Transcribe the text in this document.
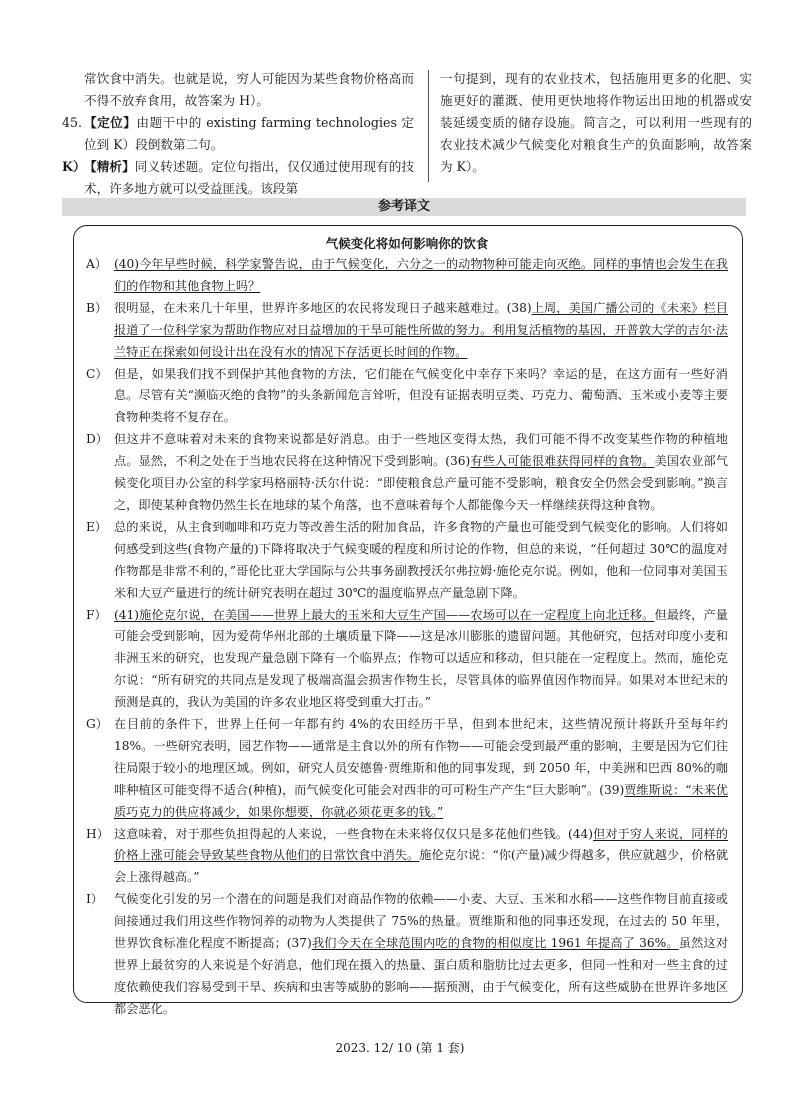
常饮食中消失。也就是说，穷人可能因为某些食物价格高而不得不放弃食用，故答案为 H）。

45. 【定位】由题干中的 existing farming technologies 定位到 K）段倒数第二句。

K）

【精析】同义转述题。定位句指出，仅仅通过使用现有的技术，许多地方就可以受益匪浅。该段第

一句提到，现有的农业技术，包括施用更多的化肥、实施更好的灌溉、使用更快地将作物运出田地的机器或安装延缓变质的储存设施。简言之，可以利用一些现有的农业技术减少气候变化对粮食生产的负面影响，故答案为 K）。

参考译文
气候变化将如何影响你的饮食
A） (40)今年早些时候，科学家警告说，由于气候变化，六分之一的动物物种可能走向灭绝。同样的事情也会发生在我们的作物和其他食物上吗？
B） 很明显，在未来几十年里，世界许多地区的农民将发现日子越来越难过。(38)上周，美国广播公司的《未来》栏目报道了一位科学家为帮助作物应对日益增加的干旱可能性所做的努力。利用复活植物的基因，开普敦大学的吉尔·法兰特正在探索如何设计出在没有水的情况下存活更长时间的作物。
C） 但是，如果我们找不到保护其他食物的方法，它们能在气候变化中幸存下来吗？幸运的是，在这方面有一些好消息。尽管有关“濒临灭绝的食物”的头条新闻危言耸听，但没有证据表明豆类、巧克力、葡萄酒、玉米或小麦等主要食物种类将不复存在。
D） 但这并不意味着对未来的食物来说都是好消息。由于一些地区变得太热，我们可能不得不改变某些作物的种植地点。显然，不利之处在于当地农民将在这种情况下受到影响。(36)有些人可能很难获得同样的食物。美国农业部气候变化项目办公室的科学家玛格丽特·沃尔什说：“即使粮食总产量可能不受影响，粮食安全仍然会受到影响。”换言之，即使某种食物仍然生长在地球的某个角落，也不意味着每个人都能像今天一样继续获得这种食物。
E） 总的来说，从主食到咖啡和巧克力等改善生活的附加食品，许多食物的产量也可能受到气候变化的影响。人们将如何感受到这些(食物产量的)下降将取决于气候变暖的程度和所讨论的作物，但总的来说，“任何超过 30℃的温度对作物都是非常不利的，”哥伦比亚大学国际与公共事务副教授沃尔弗拉姆·施伦克尔说。例如，他和一位同事对美国玉米和大豆产量进行的统计研究表明在超过 30℃的温度临界点产量急剧下降。
F） (41)施伦克尔说，在美国——世界上最大的玉米和大豆生产国——农场可以在一定程度上向北迁移。但最终，产量可能会受到影响，因为爱荷华州北部的土壤质量下降——这是冰川膨胀的遗留问题。其他研究，包括对印度小麦和非洲玉米的研究，也发现产量急剧下降有一个临界点；作物可以适应和移动，但只能在一定程度上。然而，施伦克尔说：“所有研究的共同点是发现了极端高温会损害作物生长，尽管具体的临界值因作物而异。如果对本世纪末的预测是真的，我认为美国的许多农业地区将受到重大打击。”
G） 在目前的条件下，世界上任何一年都有约 4%的农田经历干旱，但到本世纪末，这些情况预计将跃升至每年约 18%。一些研究表明，园艺作物——通常是主食以外的所有作物——可能会受到最严重的影响，主要是因为它们往往局限于较小的地理区域。例如，研究人员安德鲁·贾维斯和他的同事发现，到 2050 年，中美洲和巴西 80%的咖啡种植区可能变得不适合(种植)，而气候变化可能会对西非的可可粉生产产生“巨大影响”。(39)贾维斯说：“未来优质巧克力的供应将减少，如果你想要，你就必须花更多的钱。”
H） 这意味着，对于那些负担得起的人来说，一些食物在未来将仅仅只是多花他们些钱。(44)但对于穷人来说，同样的价格上涨可能会导致某些食物从他们的日常饮食中消失。施伦克尔说：“你(产量)减少得越多，供应就越少，价格就会上涨得越高。”
I） 气候变化引发的另一个潜在的问题是我们对商品作物的依赖——小麦、大豆、玉米和水稻——这些作物目前直接或间接通过我们用这些作物饲养的动物为人类提供了 75%的热量。贾维斯和他的同事还发现，在过去的 50 年里，世界饮食标准化程度不断提高；(37)我们今天在全球范围内吃的食物的相似度比 1961 年提高了 36%。虽然这对世界上最贫穷的人来说是个好消息，他们现在摄入的热量、蛋白质和脂肪比过去更多，但同一性和对一些主食的过度依赖使我们容易受到干旱、疾病和虫害等威胁的影响——据预测，由于气候变化，所有这些威胁在世界许多地区都会恶化。
2023. 12/ 10 (第 1 套)
